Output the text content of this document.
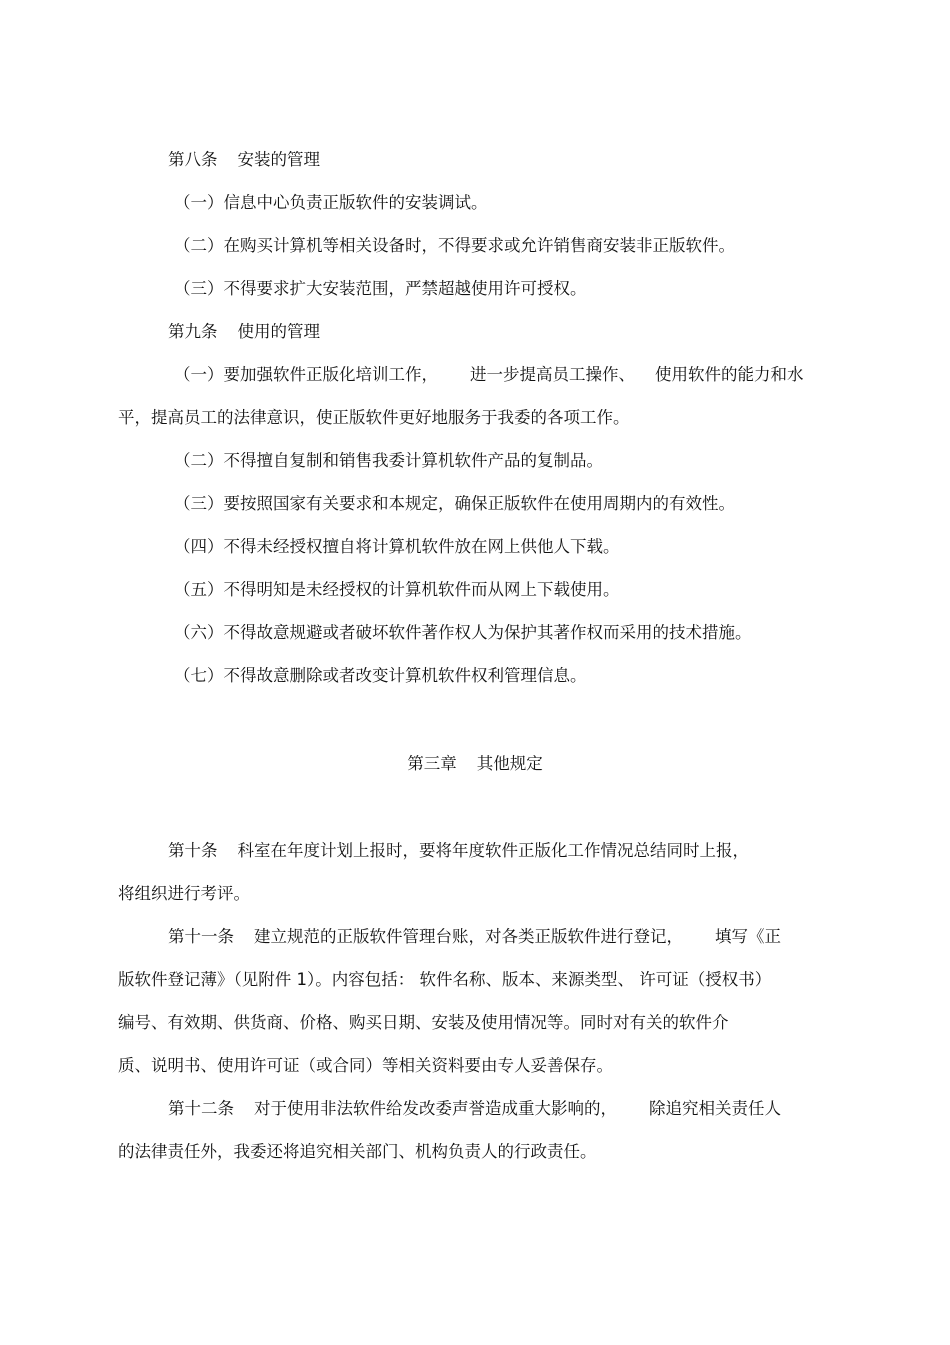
第八条 安装的管理

（一）信息中心负责正版软件的安装调试。

（二）在购买计算机等相关设备时，不得要求或允许销售商安装非正版软件。

（三）不得要求扩大安装范围，严禁超越使用许可授权。

第九条 使用的管理

（一）要加强软件正版化培训工作， 进一步提高员工操作、 使用软件的能力和水

平，提高员工的法律意识，使正版软件更好地服务于我委的各项工作。

（二）不得擅自复制和销售我委计算机软件产品的复制品。

（三）要按照国家有关要求和本规定，确保正版软件在使用周期内的有效性。

（四）不得未经授权擅自将计算机软件放在网上供他人下载。

（五）不得明知是未经授权的计算机软件而从网上下载使用。

（六）不得故意规避或者破坏软件著作权人为保护其著作权而采用的技术措施。

（七）不得故意删除或者改变计算机软件权利管理信息。

第三章 其他规定

第十条 科室在年度计划上报时，要将年度软件正版化工作情况总结同时上报，

将组织进行考评。

第十一条 建立规范的正版软件管理台账，对各类正版软件进行登记， 填写《正

版软件登记薄》（见附件 1）。内容包括： 软件名称、版本、来源类型、 许可证（授权书）

编号、有效期、供货商、价格、购买日期、安装及使用情况等。同时对有关的软件介

质、说明书、使用许可证（或合同）等相关资料要由专人妥善保存。

第十二条 对于使用非法软件给发改委声誉造成重大影响的， 除追究相关责任人

的法律责任外，我委还将追究相关部门、机构负责人的行政责任。
